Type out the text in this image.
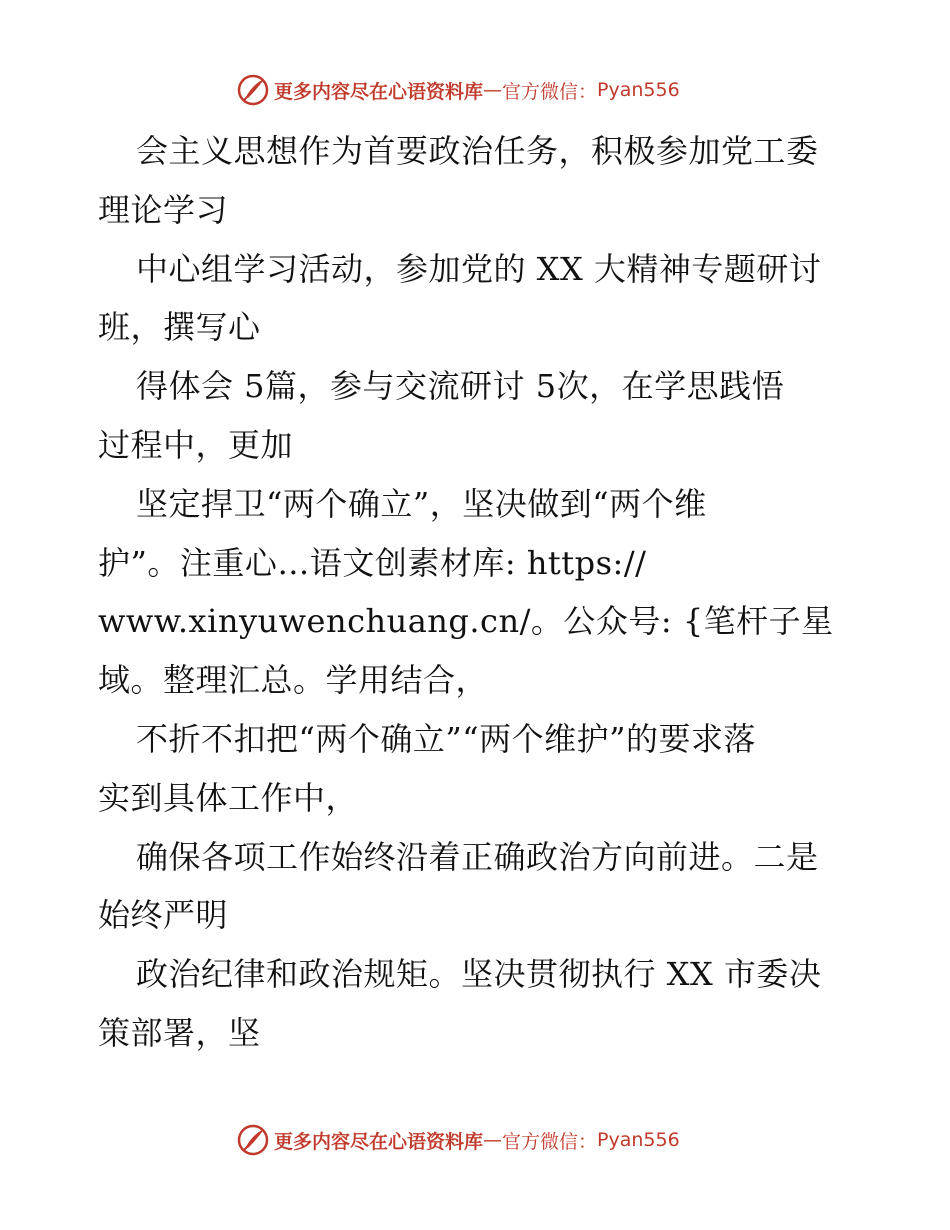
更多内容尽在心语资料库 — 官方微信： Pyan556
会主义思想作为首要政治任务，积极参加党工委
理论学习
中心组学习活动，参加党的 XX 大精神专题研讨
班，撰写心
得体会 5篇，参与交流研讨 5次，在学思践悟
过程中，更加
坚定捍卫“两个确立”，坚决做到“两个维
护”。注重心…语文创素材库: https://
www.xinyuwenchuang.cn/。公众号: {笔杆子星
域。整理汇总。学用结合，
不折不扣把“两个确立”“两个维护”的要求落
实到具体工作中，
确保各项工作始终沿着正确政治方向前进。二是
始终严明
政治纪律和政治规矩。坚决贯彻执行 XX 市委决
策部署，坚
更多内容尽在心语资料库 — 官方微信： Pyan556
